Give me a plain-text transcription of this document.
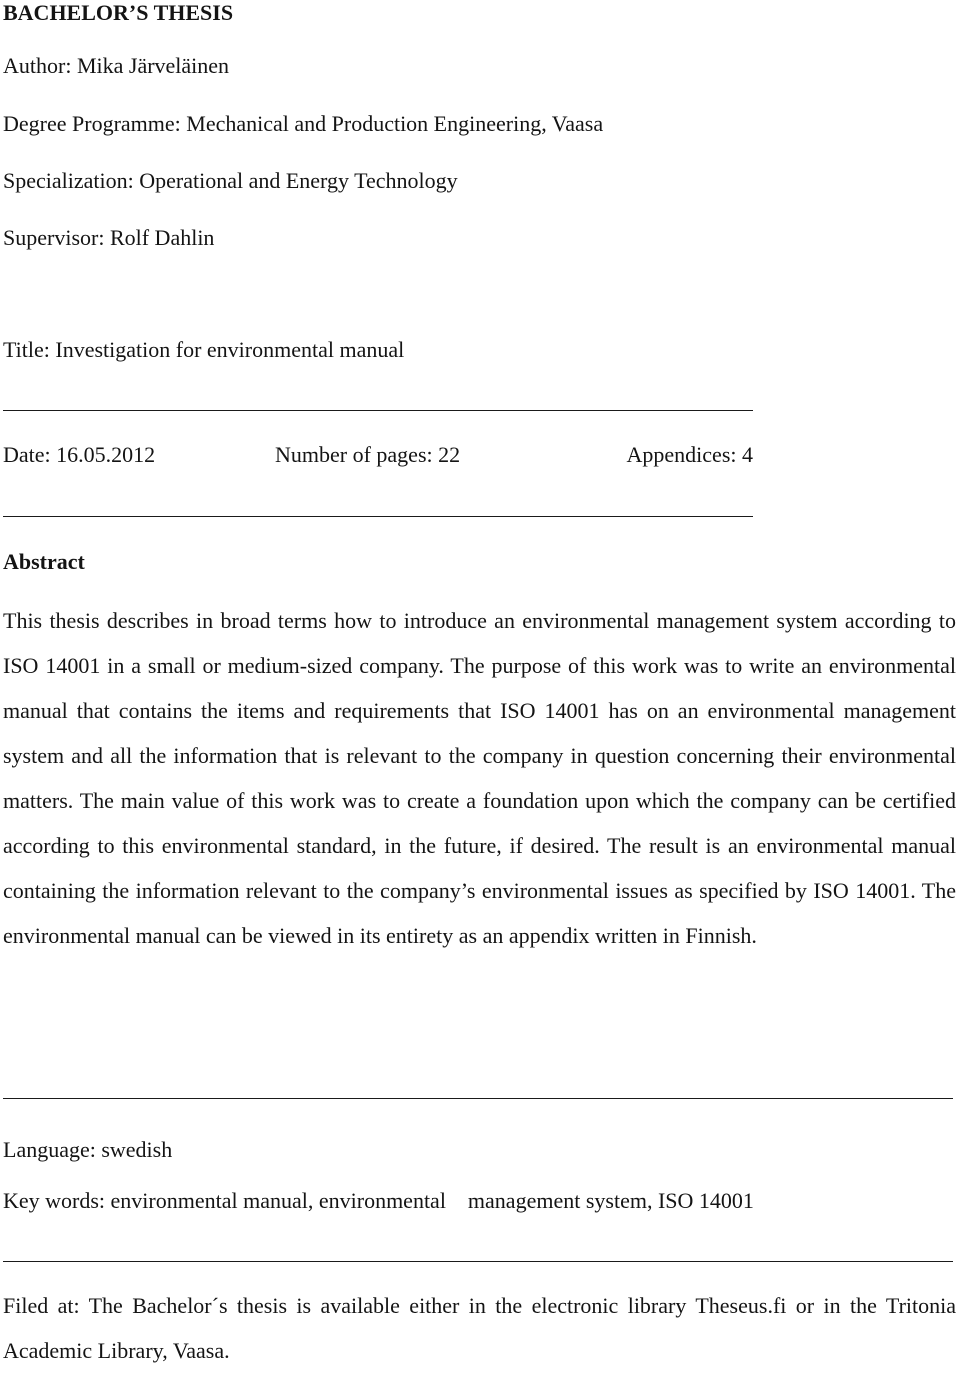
BACHELOR’S THESIS
Author: Mika Järveläinen
Degree Programme: Mechanical and Production Engineering, Vaasa
Specialization: Operational and Energy Technology
Supervisor: Rolf Dahlin
Title: Investigation for environmental manual
Date: 16.05.2012	Number of pages: 22	Appendices: 4
Abstract

This thesis describes in broad terms how to introduce an environmental management system according to ISO 14001 in a small or medium-sized company. The purpose of this work was to write an environmental manual that contains the items and requirements that ISO 14001 has on an environmental management system and all the information that is relevant to the company in question concerning their environmental matters. The main value of this work was to create a foundation upon which the company can be certified according to this environmental standard, in the future, if desired. The result is an environmental manual containing the information relevant to the company’s environmental issues as specified by ISO 14001. The environmental manual can be viewed in its entirety as an appendix written in Finnish.

Language: swedish
Key words: environmental manual, environmental    management system, ISO 14001

Filed at: The Bachelor´s thesis is available either in the electronic library Theseus.fi or in the Tritonia Academic Library, Vaasa.
